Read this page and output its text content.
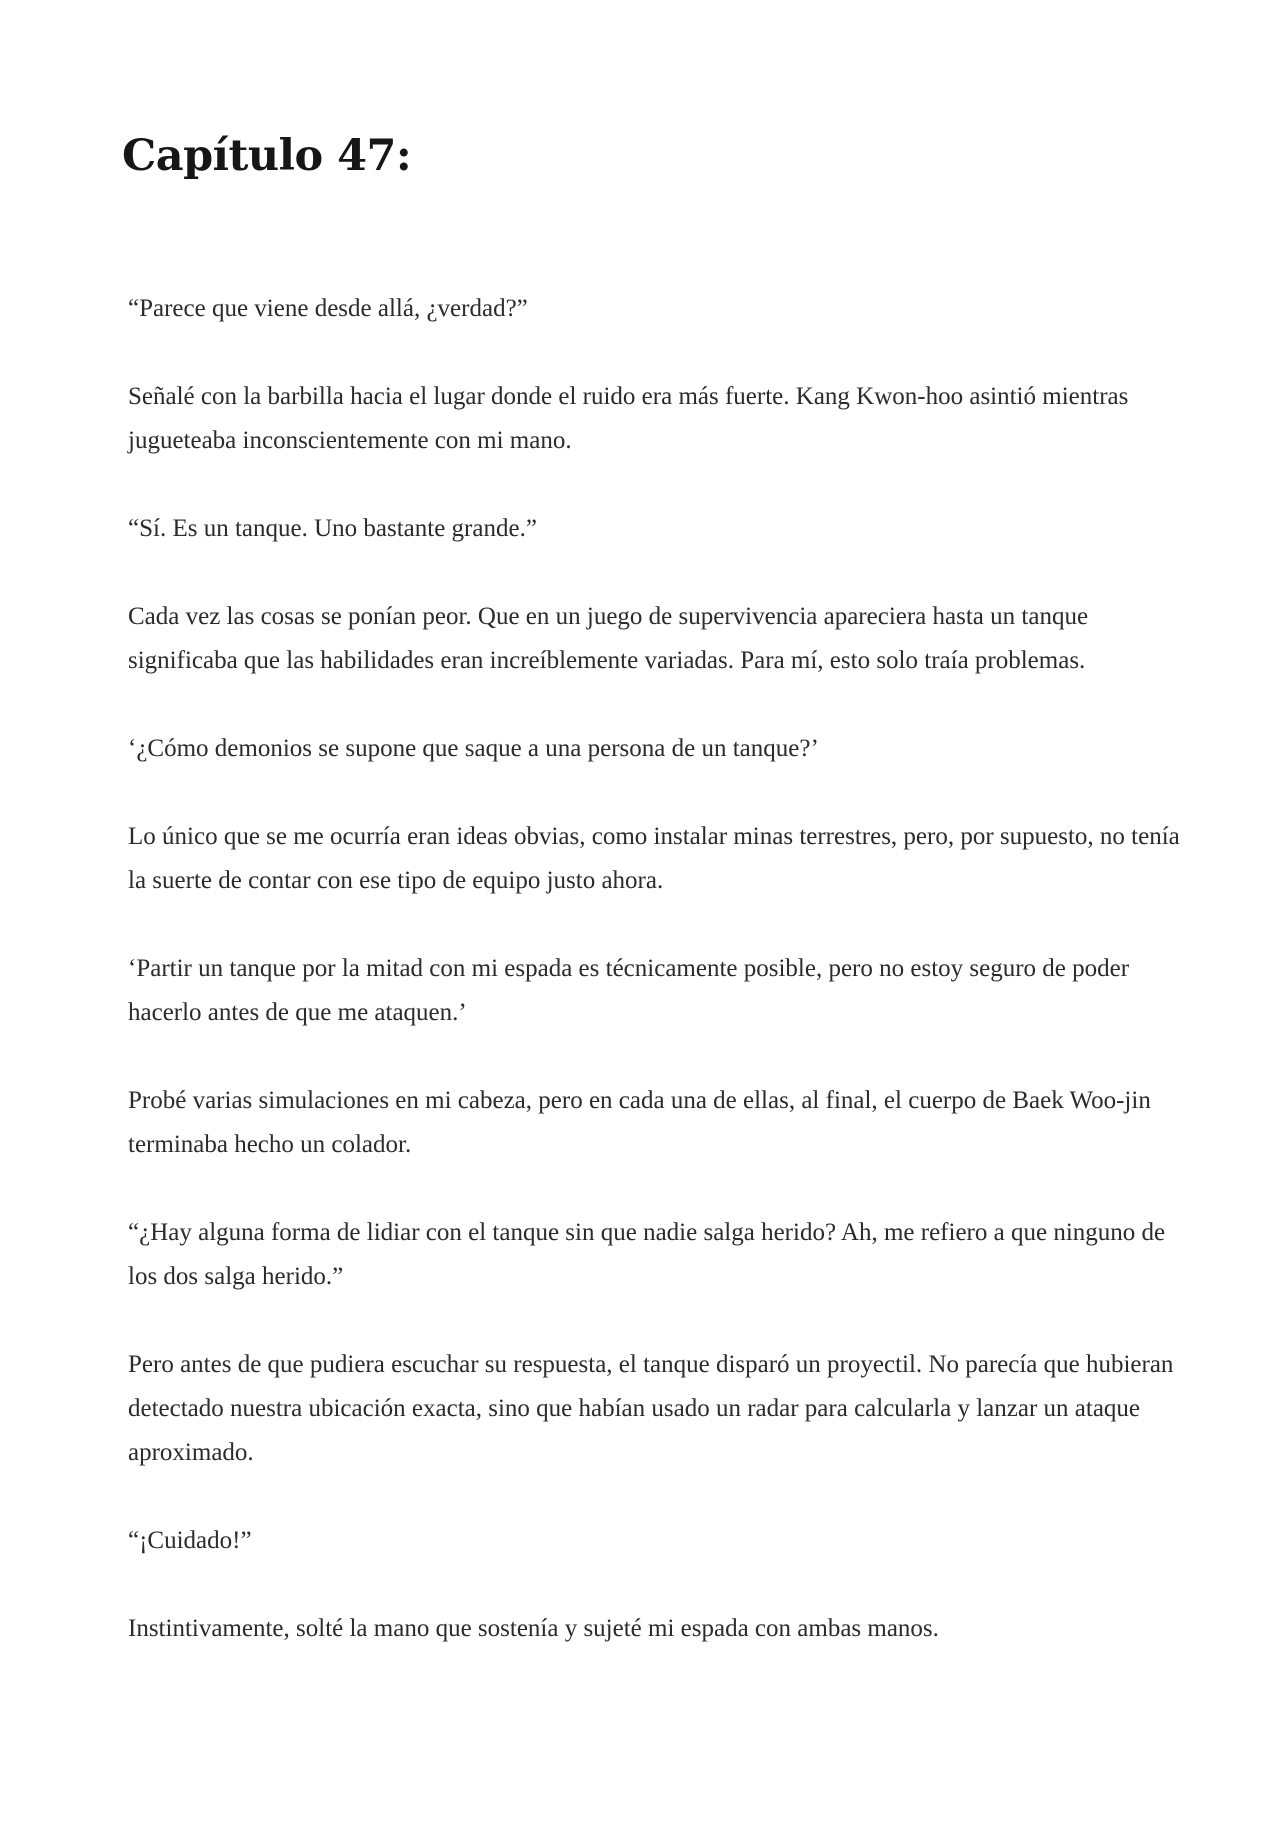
Capítulo 47:

“Parece que viene desde allá, ¿verdad?”

Señalé con la barbilla hacia el lugar donde el ruido era más fuerte. Kang Kwon-hoo asintió mientras jugueteaba inconscientemente con mi mano.

“Sí. Es un tanque. Uno bastante grande.”

Cada vez las cosas se ponían peor. Que en un juego de supervivencia apareciera hasta un tanque significaba que las habilidades eran increíblemente variadas. Para mí, esto solo traía problemas.

‘¿Cómo demonios se supone que saque a una persona de un tanque?’

Lo único que se me ocurría eran ideas obvias, como instalar minas terrestres, pero, por supuesto, no tenía la suerte de contar con ese tipo de equipo justo ahora.

‘Partir un tanque por la mitad con mi espada es técnicamente posible, pero no estoy seguro de poder hacerlo antes de que me ataquen.’

Probé varias simulaciones en mi cabeza, pero en cada una de ellas, al final, el cuerpo de Baek Woo-jin terminaba hecho un colador.

“¿Hay alguna forma de lidiar con el tanque sin que nadie salga herido? Ah, me refiero a que ninguno de los dos salga herido.”

Pero antes de que pudiera escuchar su respuesta, el tanque disparó un proyectil. No parecía que hubieran detectado nuestra ubicación exacta, sino que habían usado un radar para calcularla y lanzar un ataque aproximado.

“¡Cuidado!”

Instintivamente, solté la mano que sostenía y sujeté mi espada con ambas manos.
